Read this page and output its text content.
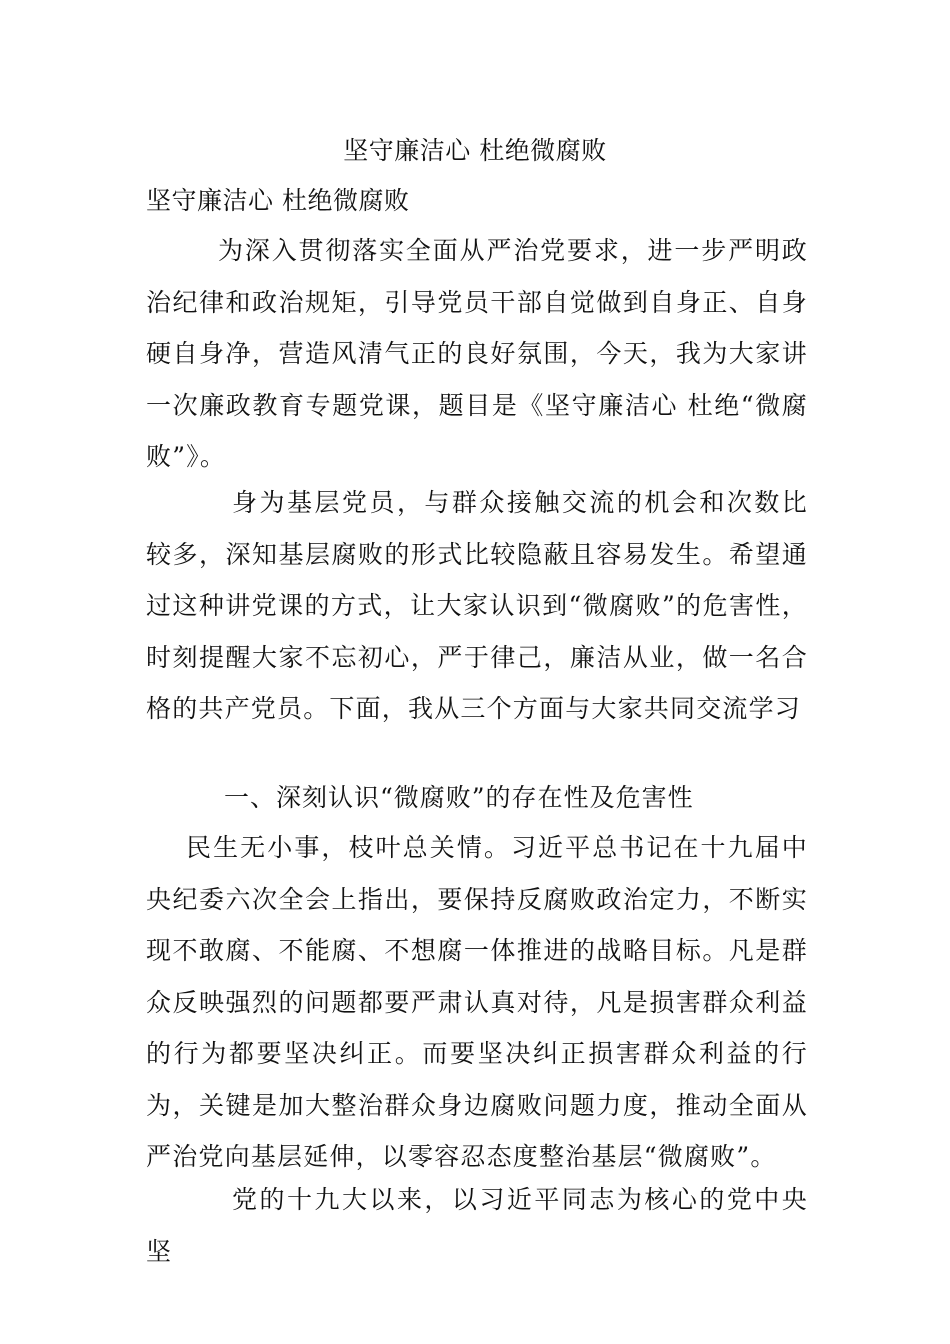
坚守廉洁心 杜绝微腐败
坚守廉洁心 杜绝微腐败

为深入贯彻落实全面从严治党要求，进一步严明政治纪律和政治规矩，引导党员干部自觉做到自身正、自身硬自身净，营造风清气正的良好氛围，今天，我为大家讲一次廉政教育专题党课，题目是《坚守廉洁心 杜绝“微腐败”》。

身为基层党员，与群众接触交流的机会和次数比较多，深知基层腐败的形式比较隐蔽且容易发生。希望通过这种讲党课的方式，让大家认识到“微腐败”的危害性，时刻提醒大家不忘初心，严于律己，廉洁从业，做一名合格的共产党员。下面，我从三个方面与大家共同交流学习

一、深刻认识“微腐败”的存在性及危害性

民生无小事，枝叶总关情。习近平总书记在十九届中央纪委六次全会上指出，要保持反腐败政治定力，不断实现不敢腐、不能腐、不想腐一体推进的战略目标。凡是群众反映强烈的问题都要严肃认真对待，凡是损害群众利益的行为都要坚决纠正。而要坚决纠正损害群众利益的行为，关键是加大整治群众身边腐败问题力度，推动全面从严治党向基层延伸，以零容忍态度整治基层“微腐败”。

党的十九大以来，以习近平同志为核心的党中央坚
